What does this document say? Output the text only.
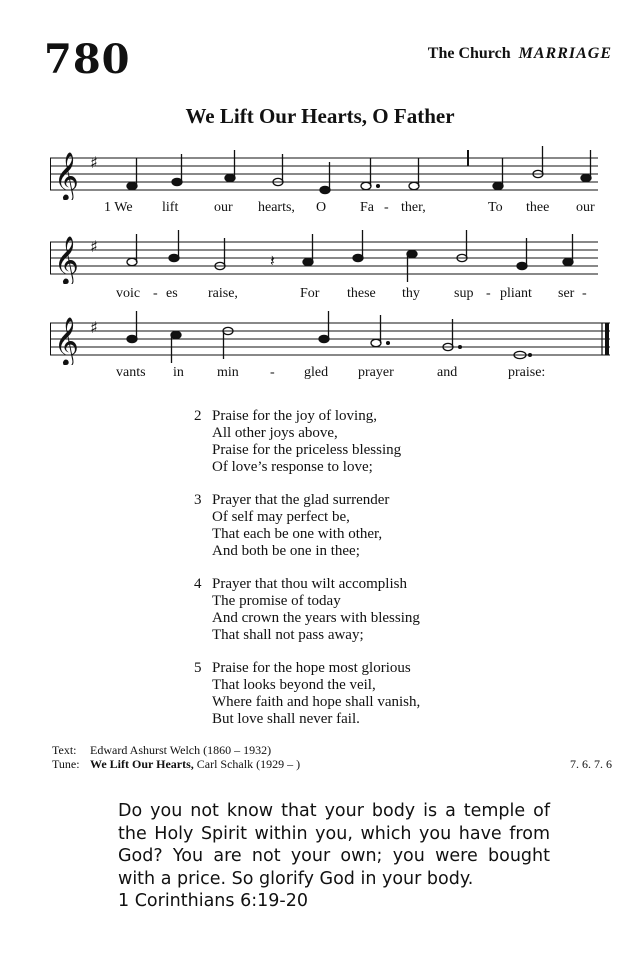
780	The Church MARRIAGE
We Lift Our Hearts, O Father
𝄞 ♯
1 We lift	our hearts, O Fa - ther,	To thee our
𝄞 ♯
𝄽
voic - es raise,	For these thy sup - pliant ser -
𝄞 ♯
vants in min - gled prayer	and	praise:
2 Praise for the joy of loving,
All other joys above,
Praise for the priceless blessing
Of love’s response to love;
3 Prayer that the glad surrender
Of self may perfect be,
That each be one with other,
And both be one in thee;
4 Prayer that thou wilt accomplish
The promise of today
And crown the years with blessing
That shall not pass away;
5 Praise for the hope most glorious
That looks beyond the veil,
Where faith and hope shall vanish,
But love shall never fail.
Text: Edward Ashurst Welch (1860 – 1932)
Tune: We Lift Our Hearts, Carl Schalk (1929 – )	7. 6. 7. 6
Do you not know that your body is a temple of the Holy Spirit within you, which you have from God? You are not your own; you were bought with a price. So glorify God in your body.
1 Corinthians 6:19-20
